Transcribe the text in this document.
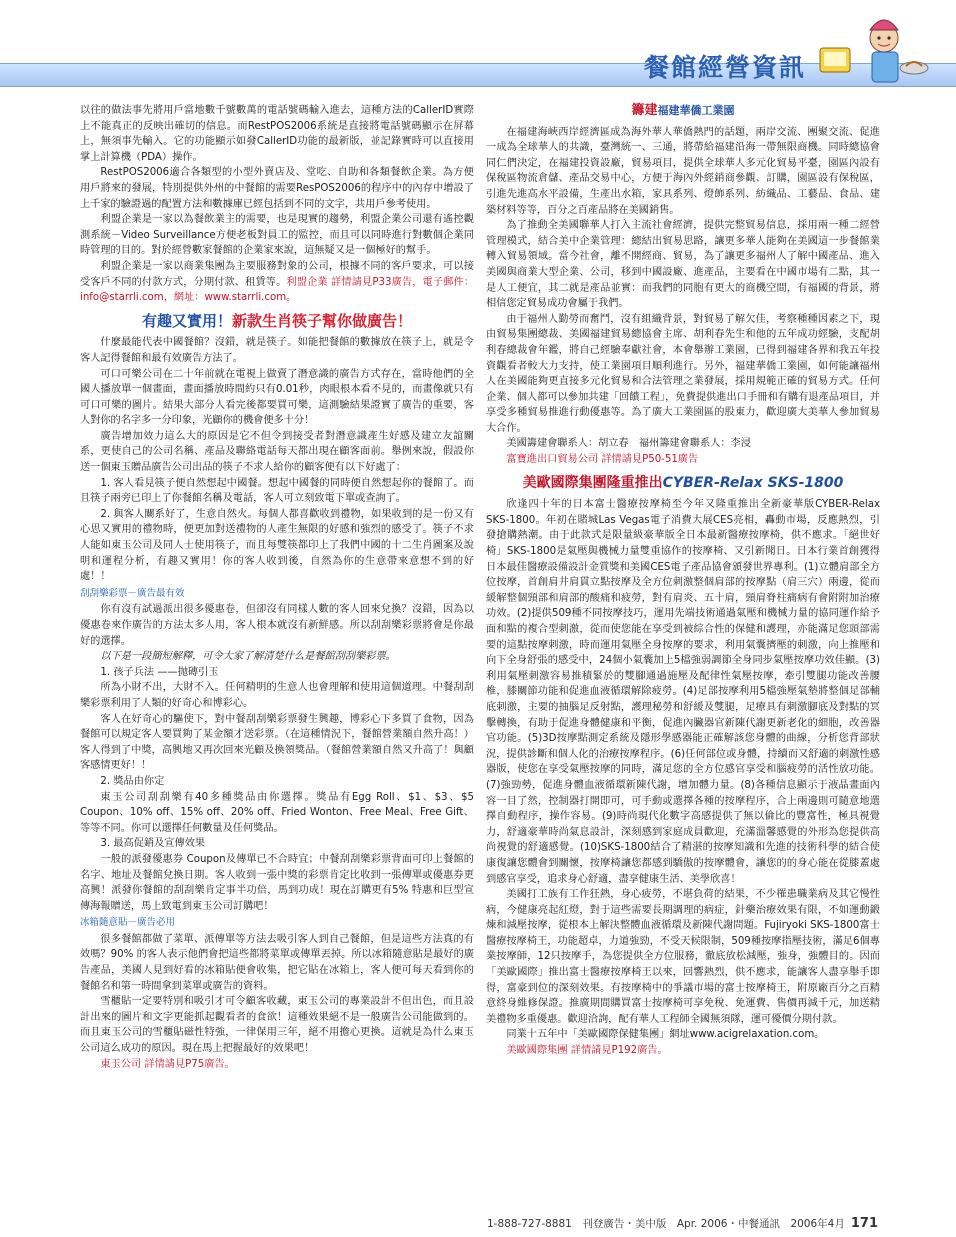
餐館經營資訊

以往的做法事先將用戶當地數千號數萬的電話號碼輸入進去，這種方法的CallerID實際上不能真正的反映出確切的信息。而RestPOS2006系統是直接將電話號碼顯示在屏幕上，無須事先輸入。它的功能顯示如發CallerID功能的最新版，並記錄實時可以直接用掌上計算機（PDA）操作。

RestPOS2006適合各類型的小型外賣店及、堂吃、自助和各類餐飲企業。為方便用戶將來的發展，特別提供外州的中餐館的需要ResPOS2006的程序中的內存中增設了上千家的驗證過的配置方法和數據庫已經包括到不同的文字，共用戶參考使用。

利盟企業是一家以為餐飲業主的需要，也是現實的趨勢，利盟企業公司還有遙控觀測系統－Video Surveillance方便老板對員工的監控，而且可以同時進行對數個企業同時管理的目的。對於經營數家餐館的企業家來說，這無疑又是一個極好的幫手。

利盟企業是一家以商業集團為主要服務對象的公司，根據不同的客戶要求，可以接受客戶不同的付款方式，分期付款、租賃等。利盟企業 詳情請見P33廣告，電子郵件：info@starrli.com，網址：www.starrli.com。

有趣又實用！新款生肖筷子幫你做廣告！

什麼最能代表中國餐館？沒錯，就是筷子。如能把餐館的數據放在筷子上，就是令客人記得餐館和最有效廣告方法了。

可口可樂公司在二十年前就在電視上做賣了潛意識的廣告方式存在，當時他們的全國人播放單一個畫面，畫面播放時間約只有0.01秒，肉眼根本看不見的，而畫像就只有可口可樂的圖片。結果大部分人看完後都要買可樂，這測驗結果證實了廣告的重要，客人對你的名字多一分印象，光顧你的機會便多十分！

廣告增加效力這么大的原因是它不但令到接受者對潛意識產生好感及建立友誼關系，更使自己的公司名稱、產品及聯絡電話每天都出現在顧客面前。舉例來說，假設你送一個東玉贈品廣告公司出品的筷子不求人給你的顧客便有以下好處了：

1. 客人看見筷子便自然想起中國餐。想起中國餐的同時便自然想起你的餐館了。而且筷子兩旁已印上了你餐館名稱及電話，客人可立刻致電下單或查詢了。

2. 與客人關系好了，生意自然火。每個人都喜歡收到禮物，如果收到的是一份又有心思又實用的禮物時，便更加對送禮物的人產生無限的好感和強烈的感受了。筷子不求人能如東玉公司及同人士使用筷子，而且每雙筷都印上了我們中國的十二生肖圖案及說明和運程分析，有趣又實用！你的客人收到後，自然為你的生意帶來意想不到的好處！！

刮刮樂彩票－廣告最有效

你有沒有試過派出很多優惠卷，但卻沒有同樣人數的客人回來兌換？沒錯，因為以優惠卷來作廣告的方法太多人用，客人根本就沒有新鮮感。所以刮刮樂彩票將會是你最好的選擇。

以下是一段簡短解釋，可令大家了解清楚什么是餐館刮刮樂彩票。

1. 孩子兵法 ——抛磚引玉

所為小財不出，大財不入。任何精明的生意人也會理解和使用這個道理。中餐刮刮樂彩票利用了人類的好奇心和博彩心。

客人在好奇心的驅使下，對中餐刮刮樂彩票發生興趣，博彩心下多買了食物，因為餐館可以規定客人要買夠了某金額才送彩票。（在這種情況下，餐館營業額自然升高！）客人得到了中獎，高興地又再次回來光顧及換領獎品。（餐館營業額自然又升高了！與顧客感情更好！！

2. 獎品由你定

東玉公司刮刮樂有40多種獎品由你選擇。獎品有Egg Roll、$1、$3、$5 Coupon、10% off、15% off、20% off、Fried Wonton、Free Meal、Free Gift、等等不同。你可以選擇任何數量及任何獎品。

3. 最高促銷及宣傳效果

一般的派發優惠券 Coupon及傳單已不合時宜；中餐刮刮樂彩票背面可印上餐館的名字、地址及餐館兌換日期。客人收到一張中獎的彩票肯定比收到一張傳單或優惠券更高興！派發你餐館的刮刮樂肯定事半功倍，馬到功成！現在訂購更有5% 特惠和巨型宣傳海報贈送，馬上致電到東玉公司訂購吧！

冰箱隨意貼－廣告必用

很多餐館都做了菜單、派傳單等方法去吸引客人到自己餐館，但是這些方法真的有效嗎？90% 的客人表示他們會把這些都將菜單或傳單丟掉。所以冰箱隨意貼是最好的廣告產品，美國人見到好看的冰箱貼便會收集，把它貼在冰箱上，客人便可每天看到你的餐館名和第一時間拿到菜單或廣告的資料。

雪櫃貼一定要特別和吸引才可令顧客收藏，東玉公司的專業設計不但出色，而且設計出來的圖片和文字更能抓起觀看者的食欲！這種效果絕不是一般廣告公司能做到的。而且東玉公司的雪櫃貼磁性特強，一律保用三年，絕不用擔心更換。這就是為什么東玉公司這么成功的原因。現在馬上把握最好的效果吧！

東玉公司 詳情請見P75廣告。

籌建福建華僑工業園

在福建海峽西岸經濟區成為海外華人華僑熱門的話題，兩岸交流、團聚交流、促進一成為全球華人的共識，臺灣統一、三通，將帶給福建沿海一帶無限商機。同時總協會同仁們決定，在福建投資設廠，貿易項目，提供全球華人多元化貿易平臺，園區內設有保稅區物流倉儲、產品交易中心，方便于海內外經銷商參觀、訂購，園區設有保稅區，引進先進高水平設備，生產出水箱，家具系列、燈飾系列、紡織品、工藝品、食品、建築材料等等，百分之百產品將在美國銷售。

為了推動全美國聯華人打入主流社會經濟，提供完整貿易信息，採用兩一種二經營管理模式，結合美中企業管理：總結出貿易思路，讓更多華人能夠在美國這一步餐館業轉入貿易領域。當今社會，離不開經商、貿易，為了讓更多福州人了解中國產品、進入美國與商業大型企業、公司，移到中國設廠、進產品，主要看在中國市場有二點，其一是人工便宜，其二就是產品並實：而我們的同胞有更大的商機空間，有福國的背景，將相信您定貿易成功會屬于我們。

由于福州人勤勞而奮鬥，沒有組織背景，對貿易了解欠佳，考察種種因素之下，現由貿易集團總裁、美國福建貿易總協會主席、胡利春先生和他的五年成功經驗，支配胡利春總裁會年鑑，將自己經驗奉獻社會，本會舉辦工業園，已得到福建各界和我五年投資觀看者較大力支持，使工業園項目順利進行。另外，福建華僑工業園，如何能讓福州人在美國能夠更直接多元化貿易和合法管理之業發展，採用規範正確的貿易方式。任何企業、個人都可以參加共建「回饋工程」，免費提供進出口手冊和有購有退產品項目，并享受多種貿易推進行動優惠等。為了廣大工業園區的股東力，歡迎廣大美華人參加貿易大合作。

美國籌建會聯系人：胡立春　福州籌建會聯系人：李浸

富寶進出口貿易公司 詳情請見P50-51廣告

美歐國際集團隆重推出CYBER-Relax SKS-1800

欣逢四十年的日本富士醫療按摩椅至今年又隆重推出全新豪華版CYBER-Relax SKS-1800。年初在賭城Las Vegas電子消費大展CES亮相，轟動市場，反應熱烈，引發搶購熱潮。由于此款式是限量級豪華版全日本最新醫療按摩椅，供不應求。「絕世好椅」SKS-1800是氣壓與機械力量雙重協作的按摩椅、又引新聞日。日本行業首創獲得日本最佳醫療設備設計金賞獎和美國CES電子產品協會頒發世界專利。(1)立體肩部全方位按摩，首創肩井肩貫立點按摩及全方位刺激整個肩部的按摩點（肩三穴）兩邊，從而緩解整個頸部和肩部的酸痛和疲勞，對有肩炎、五十肩，頸肩脊柱痛病有會附附加治療功效。(2)提供509種不同按摩技巧，運用先端技術通過氣壓和機械力量的協同運作給予面和點的複合型刺激，從而使您能在享受到被綜合性的保健和護理，亦能滿足您頭部需要的這點按摩刺激，時而運用氣壓全身按摩的要求，利用氣囊擠壓的刺激，向上推壓和向下全身舒張的感受中，24個小氣囊加上5檔強弱調節全身同步氣壓按摩功效佳顯。(3)利用氣壓刺激容易推積緊於的雙腳通過施壓及配律性氣壓按摩，牽引雙腿功能改善腰椎，膝關節功能和促進血液循環解除疲勞。(4)足部按摩利用5檔強壓氣墊將整個足部輔底刺激，主要的抽腦足反射點，護理秘勞和舒緩及雙腿，足療具有刺激腳底及對點的冥擊轉換，有助于促進身體健康和平衡，促進內臟器官新陳代謝更新老化的細胞，改善器官功能。(5)3D按摩點測定系統及隱形學感器能正確解該您身體的曲線，分析您背部狀況，提供診斷和個人化的治療按摩程序。(6)任何部位或身體，持續而又舒適的刺激性感器版，使您在享受氣壓按摩的同時，滿足您的全方位感官享受和腦疲勞的活性放功能。(7)強勁勢，促進身體血液循環新陳代謝，增加體力量。(8)各種信息顯示于液晶畫面內容一目了然，控制器打開即可，可手動或選擇各種的按摩程序，合上兩邊則可隨意地選擇自動程序，操作容易。(9)時尚現代化數字高感提供了無以倫比的豐富性，極具視覺力，舒適豪華時尚氣息設計，深刻感到家庭成員歡迎，充滿溫馨感覺的外形為您提供高尚視覺的舒適感覺。(10)SKS-1800結合了精湛的按摩知識和先進的技術科學的結合使康復讓您體會到關懷，按摩椅讓您都感到驕傲的按摩體會，讓您的的身心能在從膝蓋處到感官享受，追求身心舒適，盡享健康生活、美學欣喜！

美國打工族有工作狂熱，身心疲勞，不堪負荷的結果，不少罹患職業病及其它慢性病，今健康亮起紅燈，對于這些需要長期調理的病症，針藥治療效果有限，不如運動鍛煉和減壓按摩，從根本上解決整體血液循環及新陳代謝問題。Fujiryoki SKS-1800富士醫療按摩椅王，功能超卓，力道強勁，不受天候限制，509種按摩指壓技術，滿足6個專業按摩師，12只按摩手，為您提供全方位服務，徹底放松減壓，強身，強體目的。因而「美歐國際」推出富士醫療按摩椅王以來，回響熱烈，供不應求，能讓客人盡享舉手即得，富豪到位的深刻效果。有按摩椅中的爭議市場的富士按摩椅王，附原廠百分之百精意終身維修保證。推廣期間購買富士按摩椅可享免稅、免運費、售價再減千元，加送精美禮物多重優惠。歡迎洽詢，配有華人工程師全國無須隊，運可優價分期付款。

同業十五年中「美歐國際保健集團」網址www.acigrelaxation.com。

美歐國際集團 詳情請見P192廣告。

1-888-727-8881　刊登廣告・美中版　Apr. 2006・中餐通訊　2006年4月 171
